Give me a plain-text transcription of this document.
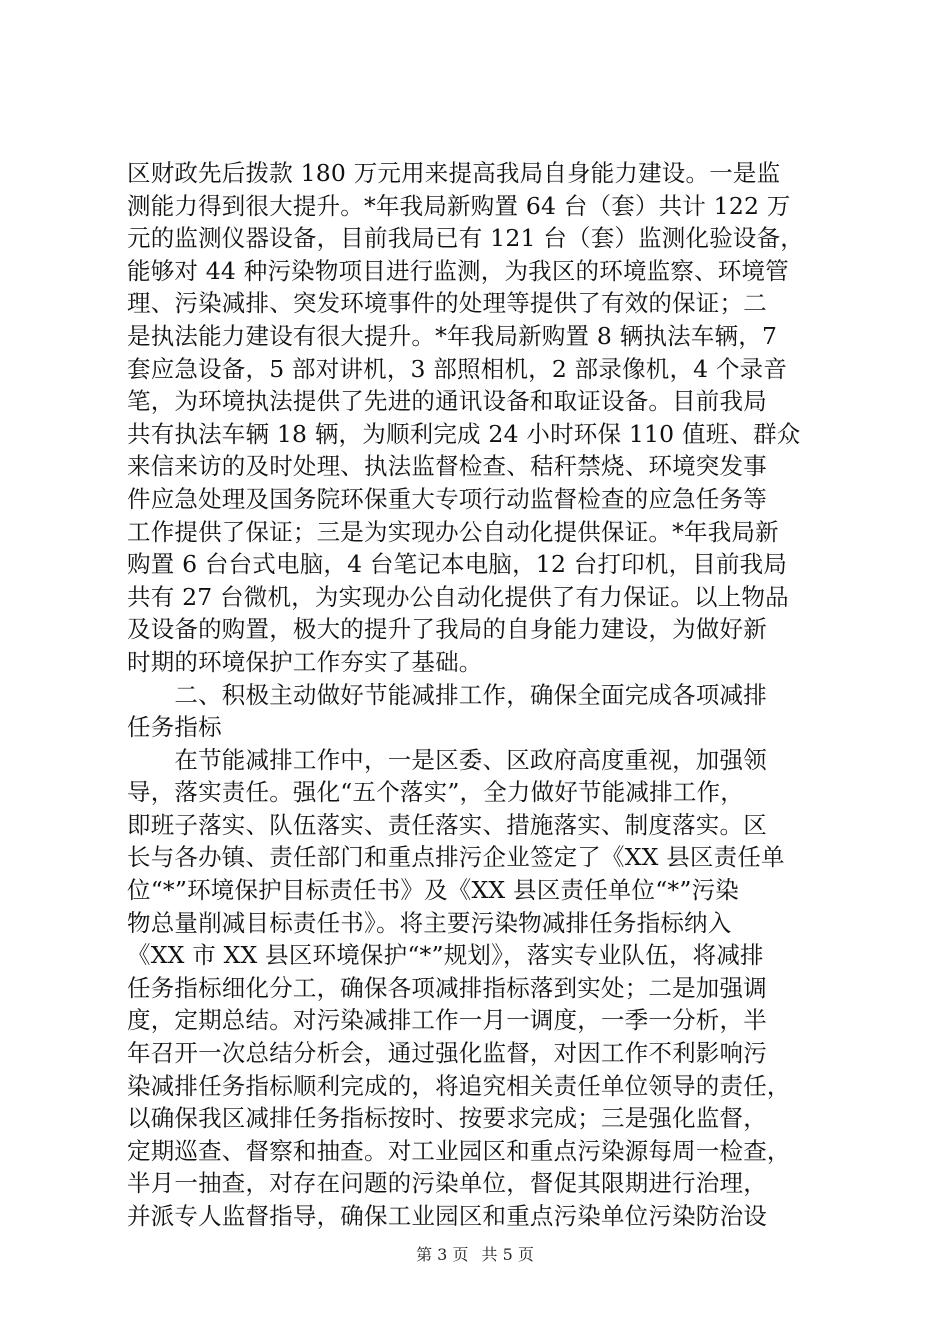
区财政先后拨款 180 万元用来提高我局自身能力建设。一是监
测能力得到很大提升。*年我局新购置 64 台（套）共计 122 万
元的监测仪器设备，目前我局已有 121 台（套）监测化验设备，
能够对 44 种污染物项目进行监测，为我区的环境监察、环境管
理、污染减排、突发环境事件的处理等提供了有效的保证；二
是执法能力建设有很大提升。*年我局新购置 8 辆执法车辆，7
套应急设备，5 部对讲机，3 部照相机，2 部录像机，4 个录音
笔，为环境执法提供了先进的通讯设备和取证设备。目前我局
共有执法车辆 18 辆，为顺利完成 24 小时环保 110 值班、群众
来信来访的及时处理、执法监督检查、秸秆禁烧、环境突发事
件应急处理及国务院环保重大专项行动监督检查的应急任务等
工作提供了保证；三是为实现办公自动化提供保证。*年我局新
购置 6 台台式电脑，4 台笔记本电脑，12 台打印机，目前我局
共有 27 台微机，为实现办公自动化提供了有力保证。以上物品
及设备的购置，极大的提升了我局的自身能力建设，为做好新
时期的环境保护工作夯实了基础。
　　二、积极主动做好节能减排工作，确保全面完成各项减排
任务指标
　　在节能减排工作中，一是区委、区政府高度重视，加强领
导，落实责任。强化“五个落实”，全力做好节能减排工作，
即班子落实、队伍落实、责任落实、措施落实、制度落实。区
长与各办镇、责任部门和重点排污企业签定了《XX 县区责任单
位“*”环境保护目标责任书》及《XX 县区责任单位“*”污染
物总量削减目标责任书》。将主要污染物减排任务指标纳入
《XX 市 XX 县区环境保护“*”规划》，落实专业队伍，将减排
任务指标细化分工，确保各项减排指标落到实处；二是加强调
度，定期总结。对污染减排工作一月一调度，一季一分析，半
年召开一次总结分析会，通过强化监督，对因工作不利影响污
染减排任务指标顺利完成的，将追究相关责任单位领导的责任，
以确保我区减排任务指标按时、按要求完成；三是强化监督，
定期巡查、督察和抽查。对工业园区和重点污染源每周一检查，
半月一抽查，对存在问题的污染单位，督促其限期进行治理，
并派专人监督指导，确保工业园区和重点污染单位污染防治设
第 3 页 共 5 页
